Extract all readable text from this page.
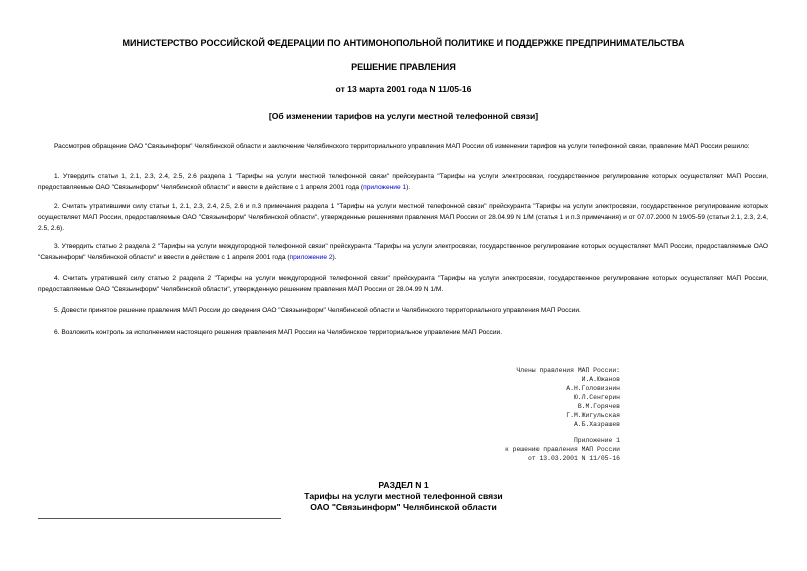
МИНИСТЕРСТВО РОССИЙСКОЙ ФЕДЕРАЦИИ ПО АНТИМОНОПОЛЬНОЙ ПОЛИТИКЕ И ПОДДЕРЖКЕ ПРЕДПРИНИМАТЕЛЬСТВА
РЕШЕНИЕ ПРАВЛЕНИЯ
от 13 марта 2001 года N 11/05-16
[Об изменении тарифов на услуги местной телефонной связи]
Рассмотрев обращение ОАО "Связьинформ" Челябинской области и заключение Челябинского территориального управления МАП России об изменении тарифов на услуги телефонной связи, правление МАП России решило:
1. Утвердить статьи 1, 2.1, 2.3, 2.4, 2.5, 2.6 раздела 1 "Тарифы на услуги местной телефонной связи" прейскуранта "Тарифы на услуги электросвязи, государственное регулирование которых осуществляет МАП России, предоставляемые ОАО "Связьинформ" Челябинской области" и ввести в действие с 1 апреля 2001 года (приложение 1).
2. Считать утратившими силу статьи 1, 2.1, 2.3, 2.4, 2.5, 2.6 и п.3 примечания раздела 1 "Тарифы на услуги местной телефонной связи" прейскуранта "Тарифы на услуги электросвязи, государственное регулирование которых осуществляет МАП России, предоставляемые ОАО "Связьинформ" Челябинской области", утвержденные решениями правления МАП России от 28.04.99 N 1/М (статья 1 и п.3 примечания) и от 07.07.2000 N 19/05-59 (статьи 2.1, 2.3, 2.4, 2.5, 2.6).
3. Утвердить статью 2 раздела 2 "Тарифы на услуги междугородной телефонной связи" прейскуранта "Тарифы на услуги электросвязи, государственное регулирование которых осуществляет МАП России, предоставляемые ОАО "Связьинформ" Челябинской области" и ввести в действие с 1 апреля 2001 года (приложение 2).
4. Считать утратившей силу статью 2 раздела 2 "Тарифы на услуги междугородной телефонной связи" прейскуранта "Тарифы на услуги электросвязи, государственное регулирование которых осуществляет МАП России, предоставляемые ОАО "Связьинформ" Челябинской области", утвержденную решением правления МАП России от 28.04.99 N 1/М.
5. Довести принятое решение правления МАП России до сведения ОАО "Связьинформ" Челябинской области и Челябинского территориального управления МАП России.
6. Возложить контроль за исполнением настоящего решения правления МАП России на Челябинское территориальное управление МАП России.
Члены правления МАП России:
И.А.Южанов
А.Н.Головизнин
Ю.Л.Сенгерин
В.М.Горячев
Г.М.Жигульская
А.Б.Хазрашев
Приложение 1
к решению правления МАП России
от 13.03.2001 N 11/05-16
РАЗДЕЛ N 1
Тарифы на услуги местной телефонной связи
ОАО "Связьинформ" Челябинской области
